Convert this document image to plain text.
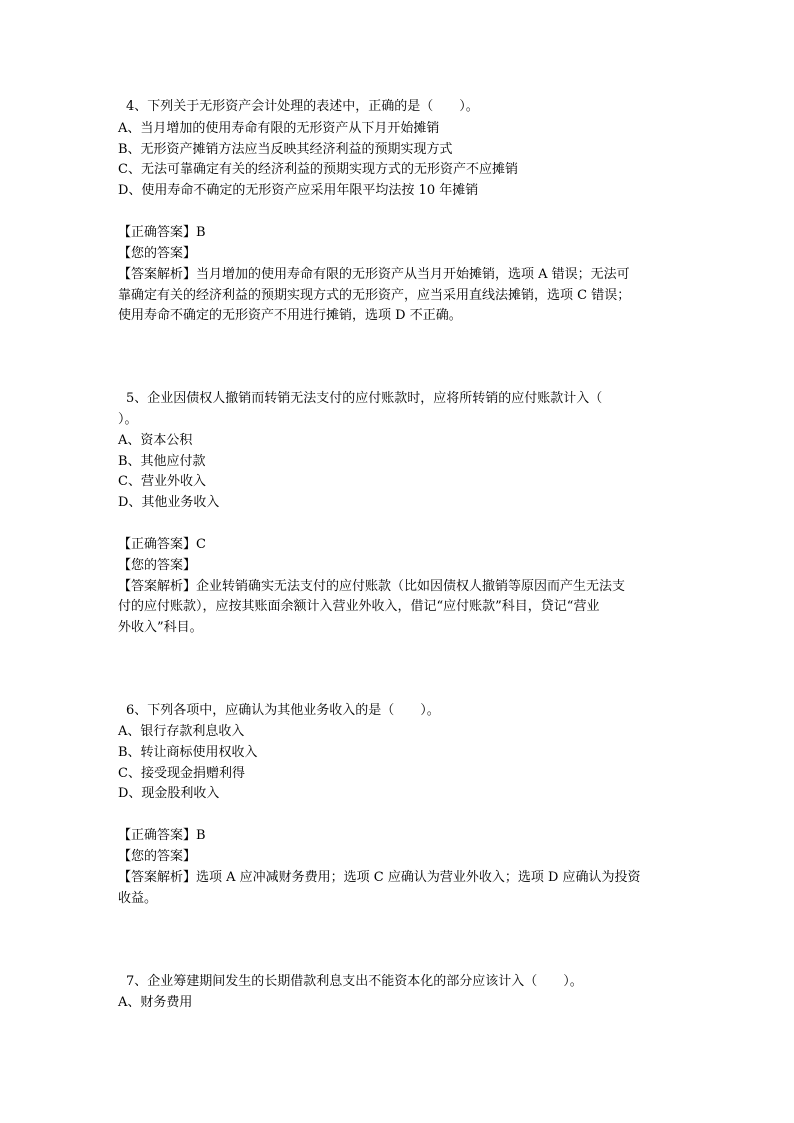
4、下列关于无形资产会计处理的表述中，正确的是（　　）。
A、当月增加的使用寿命有限的无形资产从下月开始摊销
B、无形资产摊销方法应当反映其经济利益的预期实现方式
C、无法可靠确定有关的经济利益的预期实现方式的无形资产不应摊销
D、使用寿命不确定的无形资产应采用年限平均法按 10 年摊销
【正确答案】B
【您的答案】
【答案解析】当月增加的使用寿命有限的无形资产从当月开始摊销，选项 A 错误；无法可
靠确定有关的经济利益的预期实现方式的无形资产，应当采用直线法摊销，选项 C 错误；
使用寿命不确定的无形资产不用进行摊销，选项 D 不正确。
5、企业因债权人撤销而转销无法支付的应付账款时，应将所转销的应付账款计入（
）。
A、资本公积
B、其他应付款
C、营业外收入
D、其他业务收入
【正确答案】C
【您的答案】
【答案解析】企业转销确实无法支付的应付账款（比如因债权人撤销等原因而产生无法支
付的应付账款），应按其账面余额计入营业外收入，借记“应付账款”科目，贷记“营业
外收入”科目。
6、下列各项中，应确认为其他业务收入的是（　　）。
A、银行存款利息收入
B、转让商标使用权收入
C、接受现金捐赠利得
D、现金股利收入
【正确答案】B
【您的答案】
【答案解析】选项 A 应冲减财务费用；选项 C 应确认为营业外收入；选项 D 应确认为投资
收益。
7、企业筹建期间发生的长期借款利息支出不能资本化的部分应该计入（　　）。
A、财务费用
